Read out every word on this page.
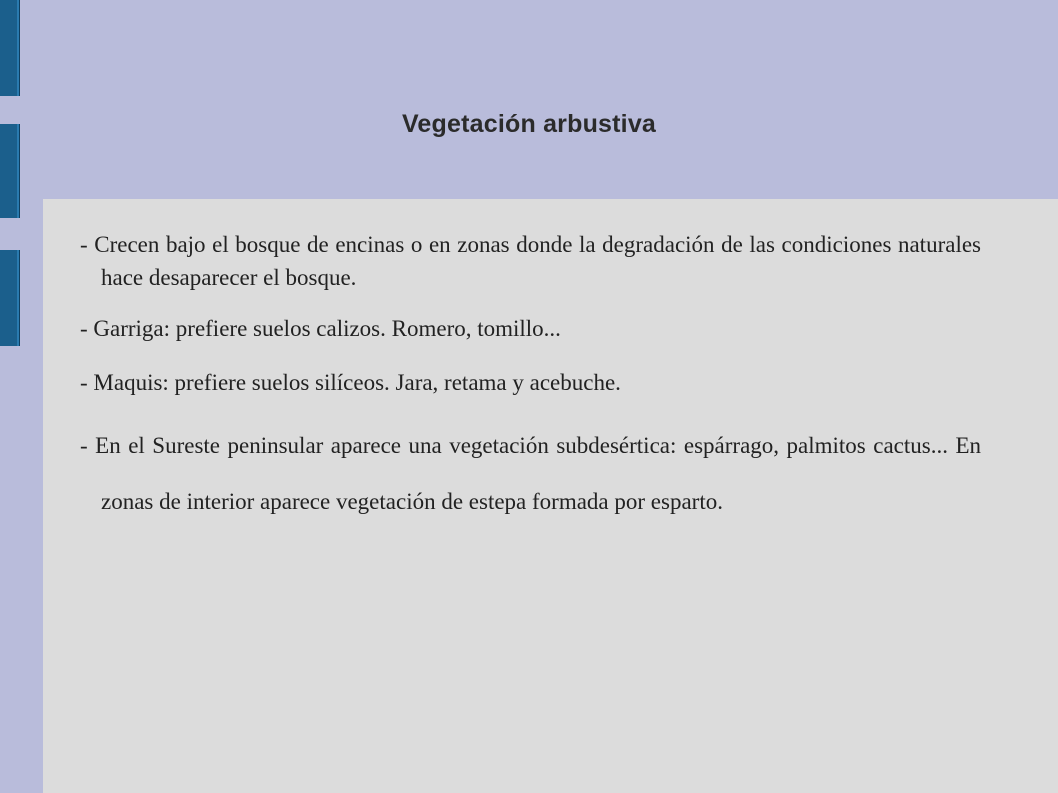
Vegetación arbustiva
- Crecen bajo el bosque de encinas o en zonas donde la degradación de las condiciones naturales hace desaparecer el bosque.
- Garriga: prefiere suelos calizos. Romero, tomillo...
- Maquis: prefiere suelos silíceos. Jara, retama y acebuche.
- En el Sureste peninsular aparece una vegetación subdesértica: espárrago, palmitos cactus... En zonas de interior aparece vegetación de estepa formada por esparto.
